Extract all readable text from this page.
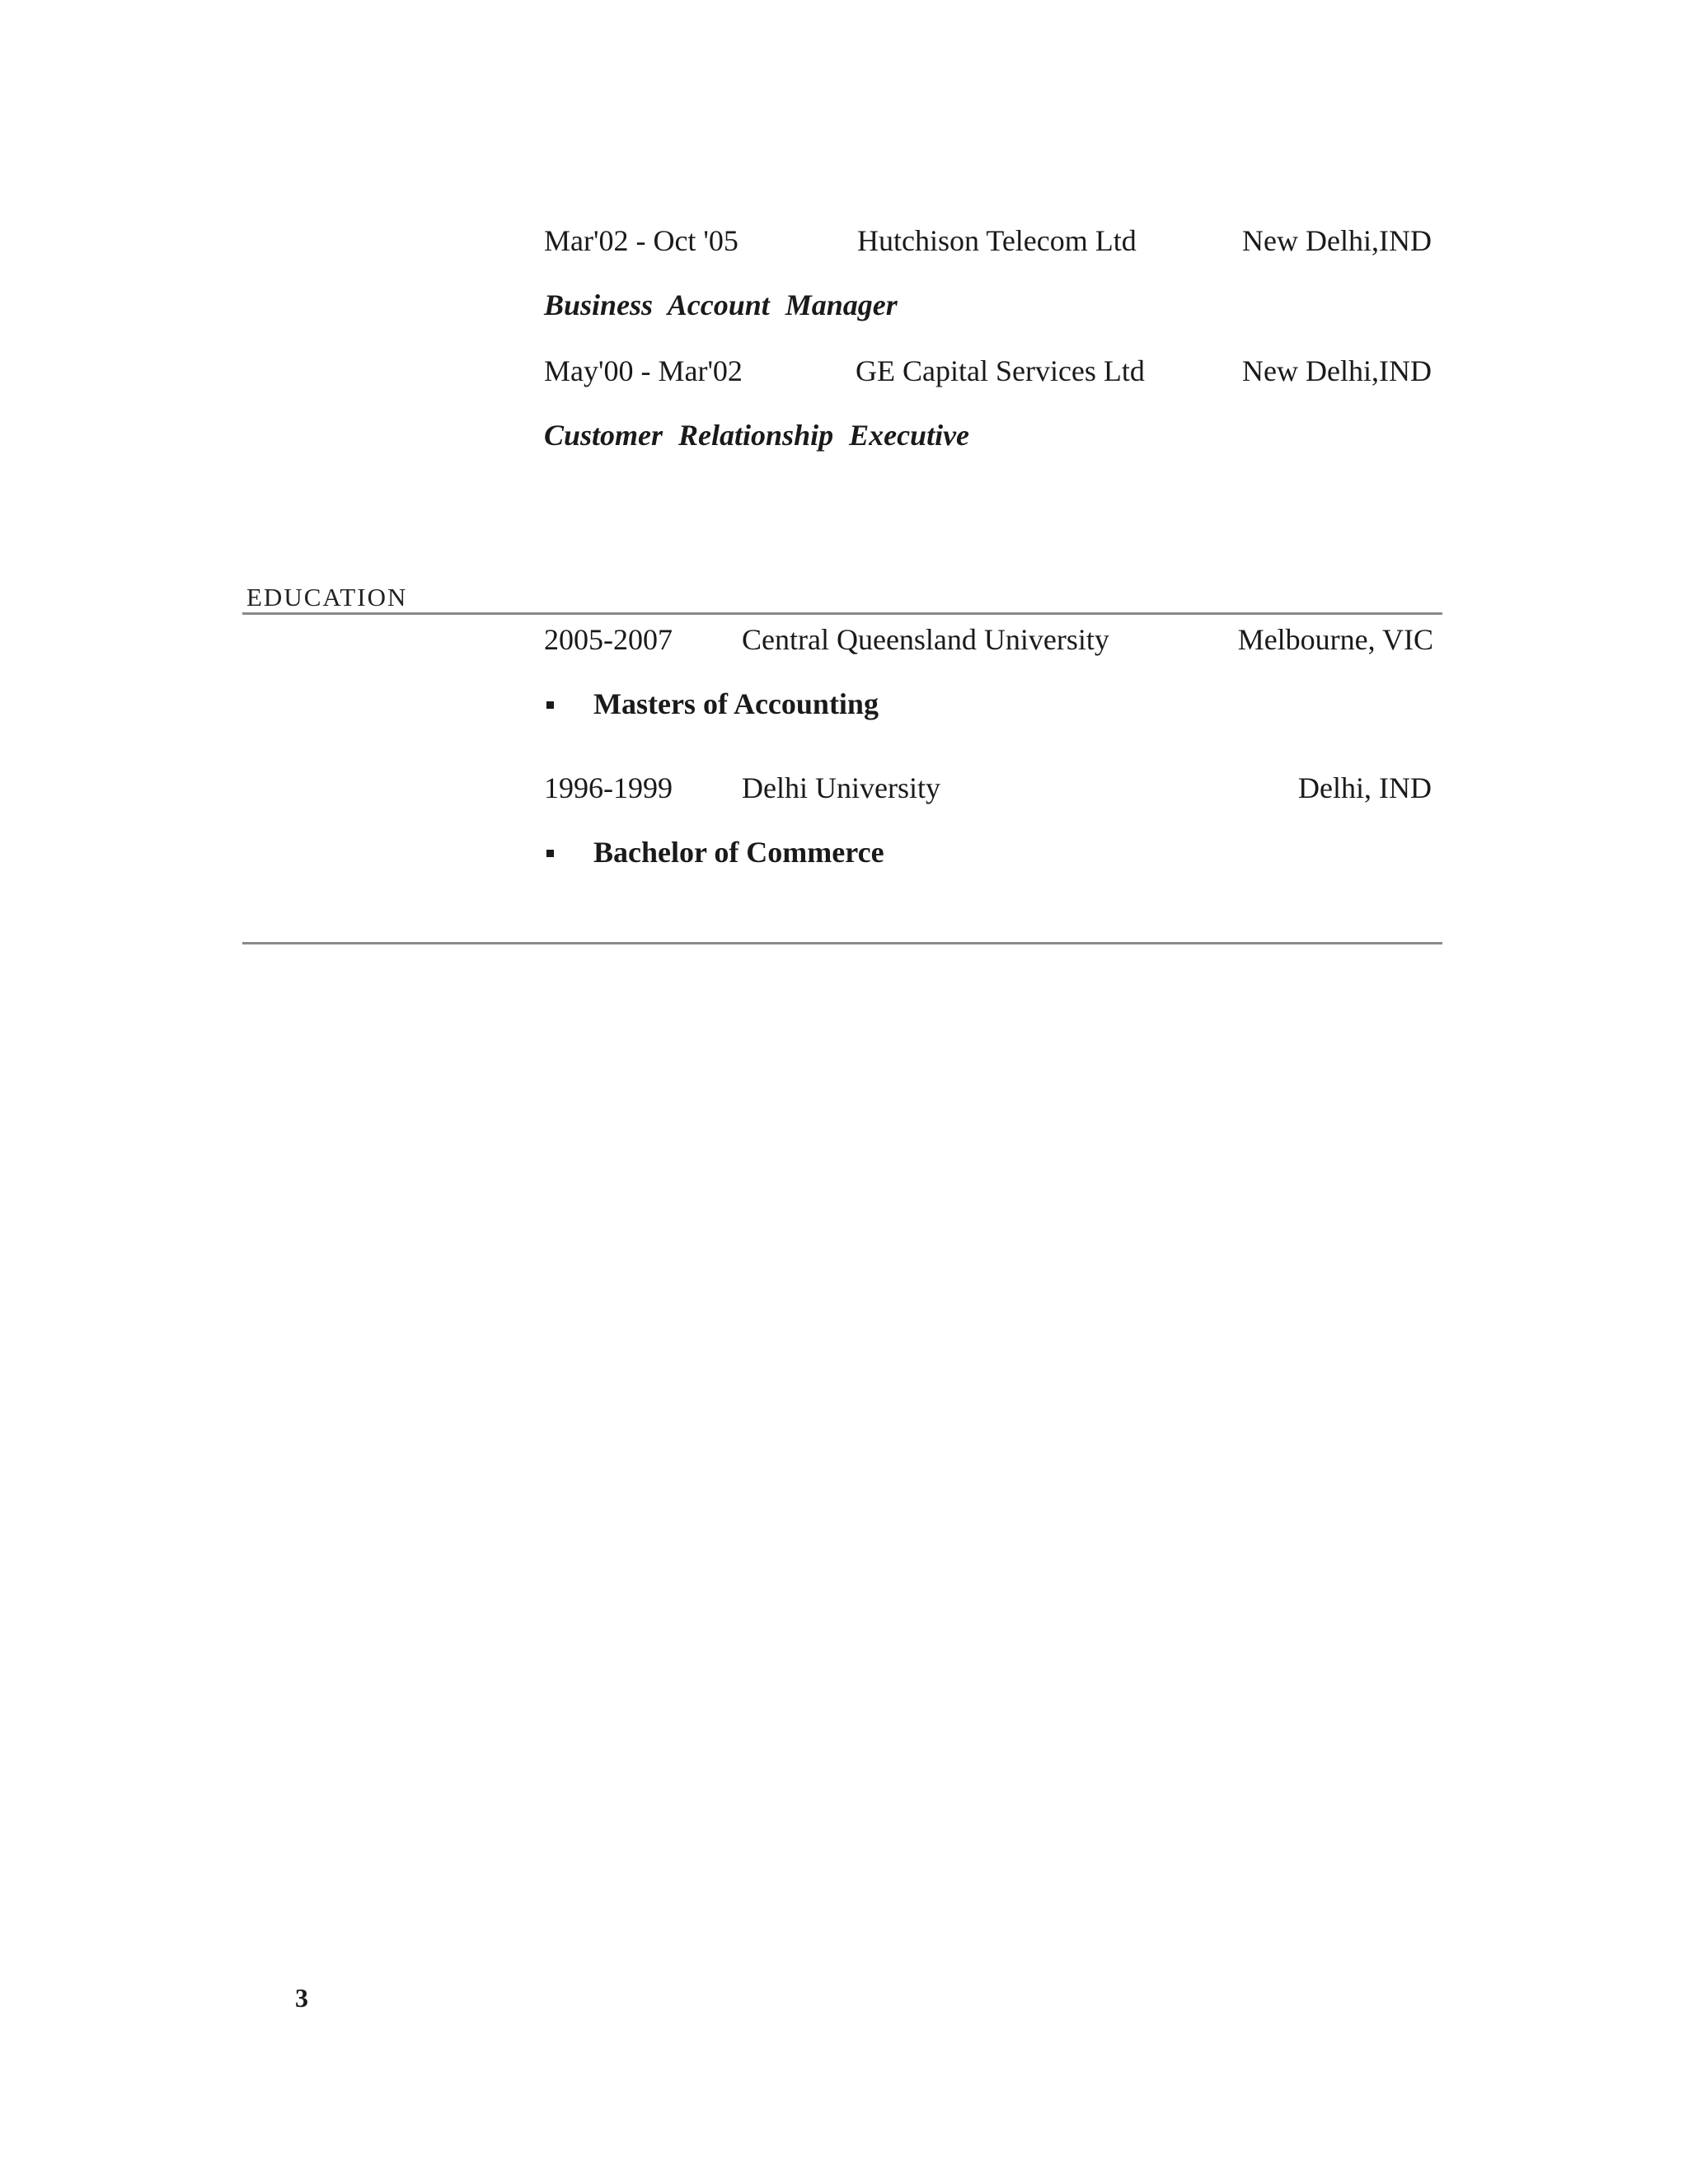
Mar'02 - Oct '05	Hutchison Telecom Ltd	New Delhi,IND
Business Account Manager
May'00 - Mar'02	GE Capital Services Ltd	New Delhi,IND
Customer Relationship Executive
EDUCATION
2005-2007 Central Queensland University	Melbourne, VIC
Masters of Accounting
1996-1999 Delhi University	Delhi, IND
Bachelor of Commerce
3
